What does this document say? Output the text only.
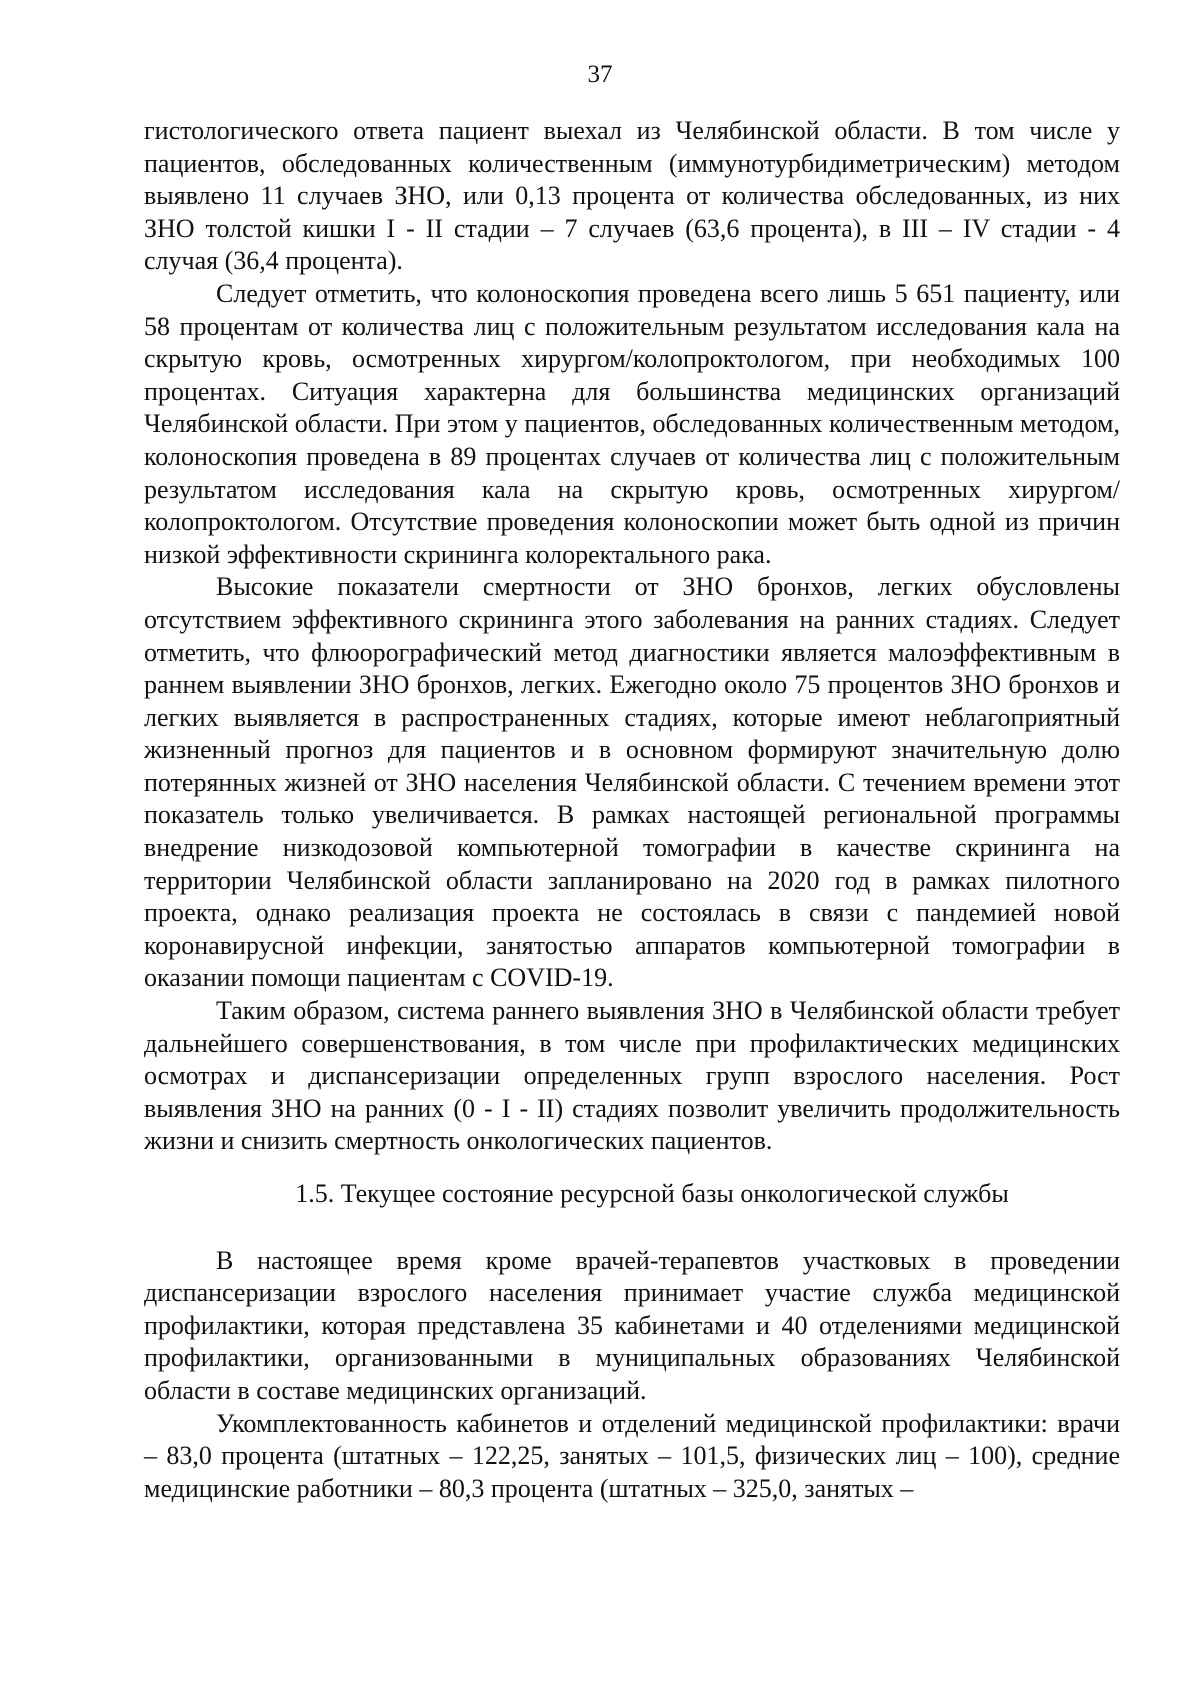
37

гистологического ответа пациент выехал из Челябинской области. В том числе у пациентов, обследованных количественным (иммунотурбидиметрическим) методом выявлено 11 случаев ЗНО, или 0,13 процента от количества обследованных, из них ЗНО толстой кишки I - II стадии – 7 случаев (63,6 процента), в III – IV стадии - 4 случая (36,4 процента).

Следует отметить, что колоноскопия проведена всего лишь 5 651 пациенту, или 58 процентам от количества лиц с положительным результатом исследования кала на скрытую кровь, осмотренных хирургом/колопроктологом, при необходимых 100 процентах. Ситуация характерна для большинства медицинских организаций Челябинской области. При этом у пациентов, обследованных количественным методом, колоноскопия проведена в 89 процентах случаев от количества лиц с положительным результатом исследования кала на скрытую кровь, осмотренных хирургом/колопроктологом. Отсутствие проведения колоноскопии может быть одной из причин низкой эффективности скрининга колоректального рака.

Высокие показатели смертности от ЗНО бронхов, легких обусловлены отсутствием эффективного скрининга этого заболевания на ранних стадиях. Следует отметить, что флюорографический метод диагностики является малоэффективным в раннем выявлении ЗНО бронхов, легких. Ежегодно около 75 процентов ЗНО бронхов и легких выявляется в распространенных стадиях, которые имеют неблагоприятный жизненный прогноз для пациентов и в основном формируют значительную долю потерянных жизней от ЗНО населения Челябинской области. С течением времени этот показатель только увеличивается. В рамках настоящей региональной программы внедрение низкодозовой компьютерной томографии в качестве скрининга на территории Челябинской области запланировано на 2020 год в рамках пилотного проекта, однако реализация проекта не состоялась в связи с пандемией новой коронавирусной инфекции, занятостью аппаратов компьютерной томографии в оказании помощи пациентам с COVID-19.

Таким образом, система раннего выявления ЗНО в Челябинской области требует дальнейшего совершенствования, в том числе при профилактических медицинских осмотрах и диспансеризации определенных групп взрослого населения. Рост выявления ЗНО на ранних (0 - I - II) стадиях позволит увеличить продолжительность жизни и снизить смертность онкологических пациентов.

1.5. Текущее состояние ресурсной базы онкологической службы

В настоящее время кроме врачей-терапевтов участковых в проведении диспансеризации взрослого населения принимает участие служба медицинской профилактики, которая представлена 35 кабинетами и 40 отделениями медицинской профилактики, организованными в муниципальных образованиях Челябинской области в составе медицинских организаций.

Укомплектованность кабинетов и отделений медицинской профилактики: врачи – 83,0 процента (штатных – 122,25, занятых – 101,5, физических лиц – 100), средние медицинские работники – 80,3 процента (штатных – 325,0, занятых –
